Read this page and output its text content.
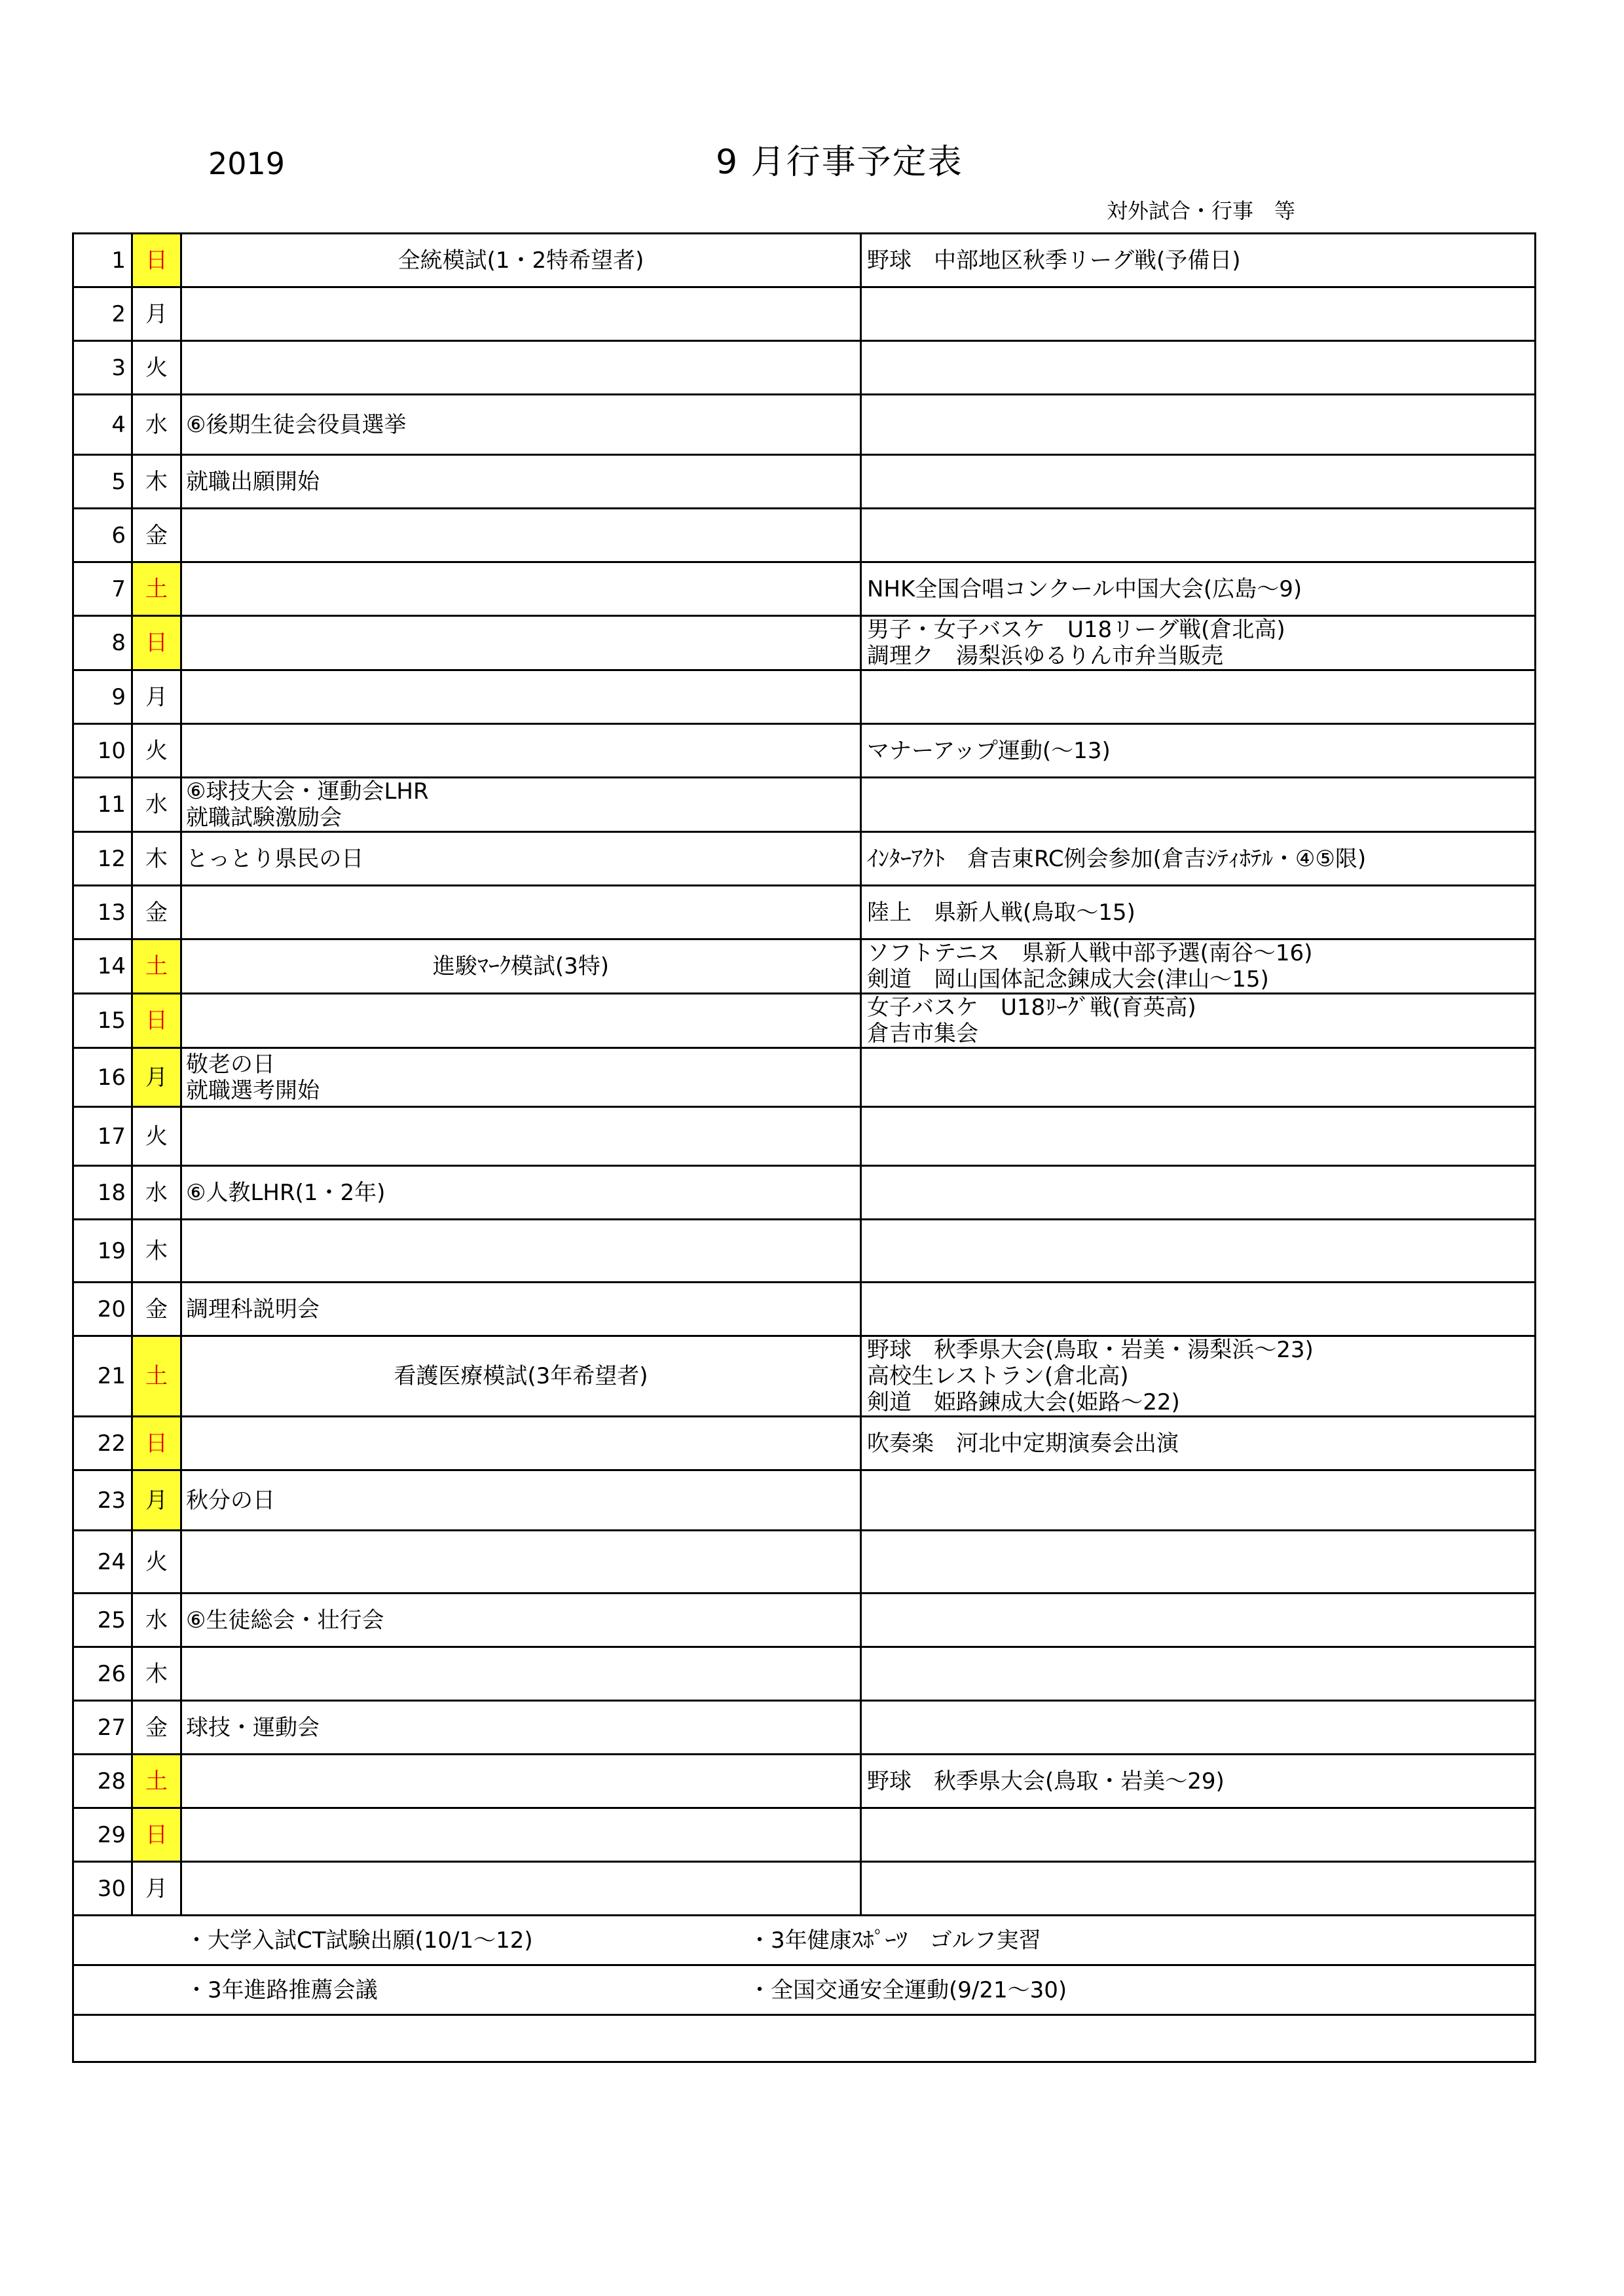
2019	9 月行事予定表
対外試合・行事　等
1	日	全統模試(1・2特希望者)	野球　中部地区秋季リーグ戦(予備日)

2	月		
3	火		
4	水	⑥後期生徒会役員選挙	

5	木	就職出願開始	

6	金		
7	土		NHK全国合唱コンクール中国大会(広島～9)

8	日		男子・女子バスケ　U18リーグ戦(倉北高)
調理ク　湯梨浜ゆるりん市弁当販売

9	月		
10	火		マナーアップ運動(～13)

11	水	⑥球技大会・運動会LHR
就職試験激励会	

12	木	とっとり県民の日	ｲﾝﾀｰｱｸﾄ　倉吉東RC例会参加(倉吉ｼﾃｨﾎﾃﾙ・④⑤限)

13	金		陸上　県新人戦(鳥取～15)

14	土	進駿ﾏｰｸ模試(3特)	ソフトテニス　県新人戦中部予選(南谷～16)
剣道　岡山国体記念錬成大会(津山～15)

15	日		女子バスケ　U18ﾘｰｸﾞ戦(育英高)
倉吉市集会

16	月	敬老の日
就職選考開始	

17	火		
18	水	⑥人教LHR(1・2年)	

19	木		
20	金	調理科説明会	

21	土	看護医療模試(3年希望者)	野球　秋季県大会(鳥取・岩美・湯梨浜～23)
高校生レストラン(倉北高)
剣道　姫路錬成大会(姫路～22)

22	日		吹奏楽　河北中定期演奏会出演

23	月	秋分の日	

24	火		
25	水	⑥生徒総会・壮行会	

26	木		
27	金	球技・運動会	

28	土		野球　秋季県大会(鳥取・岩美～29)

29	日		
30	月		
・大学入試CT試験出願(10/1～12) ・3年健康ｽﾎﾟｰﾂ　ゴルフ実習			
・3年進路推薦会議 ・全国交通安全運動(9/21～30)			
